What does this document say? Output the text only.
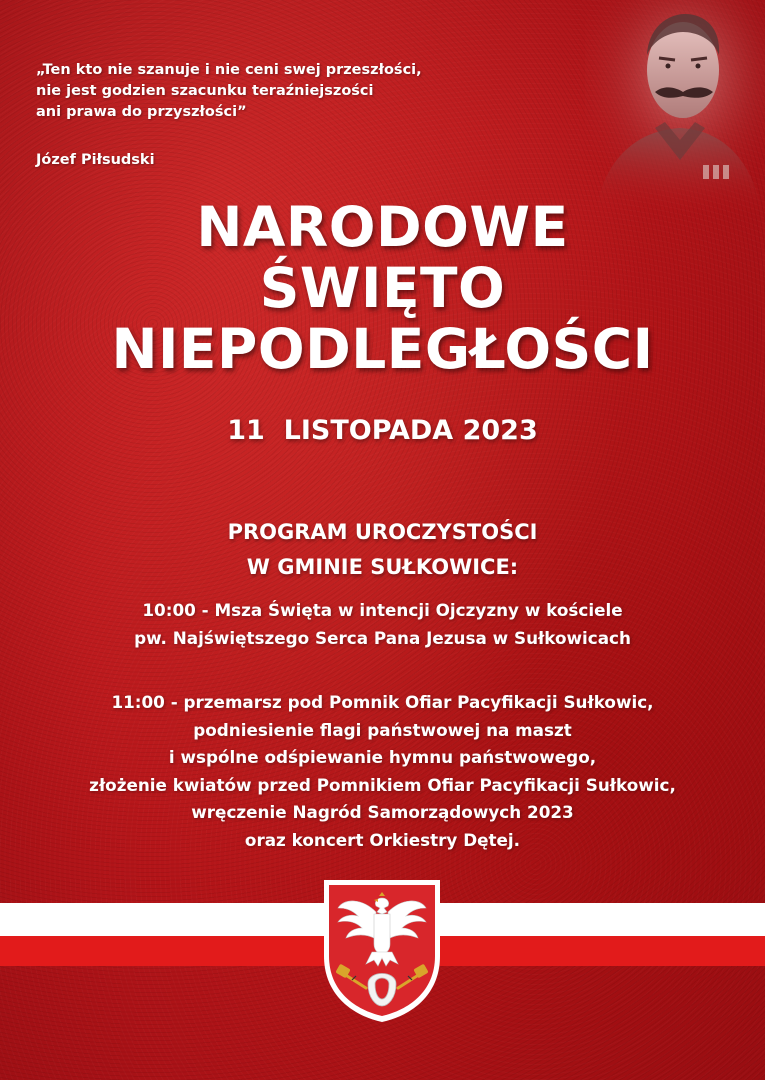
„Ten kto nie szanuje i nie ceni swej przeszłości,

nie jest godzien szacunku teraźniejszości

ani prawa do przyszłości”

Józef Piłsudski
NARODOWE
ŚWIĘTO
NIEPODLEGŁOŚCI
11  LISTOPADA 2023
PROGRAM UROCZYSTOŚCI
W GMINIE SUŁKOWICE:
10:00 - Msza Święta w intencji Ojczyzny w kościele
pw. Najświętszego Serca Pana Jezusa w Sułkowicach
11:00 - przemarsz pod Pomnik Ofiar Pacyfikacji Sułkowic,
podniesienie flagi państwowej na maszt
i wspólne odśpiewanie hymnu państwowego,
złożenie kwiatów przed Pomnikiem Ofiar Pacyfikacji Sułkowic,
wręczenie Nagród Samorządowych 2023
oraz koncert Orkiestry Dętej.
